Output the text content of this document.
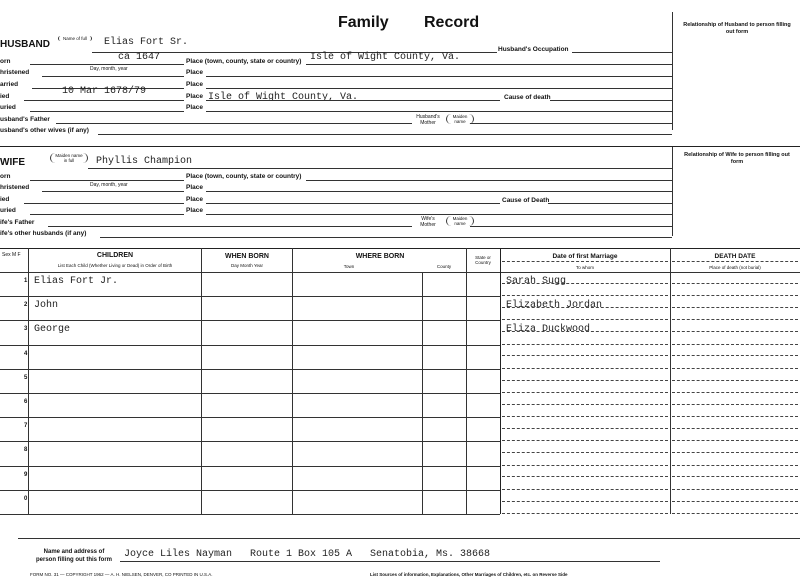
Family Record	Relationship of Husband to person filling out form
Relationship of Wife to person filling out form
HUSBAND
Name of full	Elias Fort Sr.
Husband's Occupation
orn	ca 1647
Day, month, year
Place (town, county, state or country) Isle of Wight County, Va.
hristened	Place
arried	Place
ied	10 Mar 1678/79	Place Isle of Wight County, Va.	Cause of death
uried	Place
usband's Father	Husband's Mother
Maiden name
usband's other wives (if any)
WIFE
Maiden name in full	Phyllis Champion
orn
Day, month, year
Place (town, county, state or country)
hristened	Place
ied	Place	Cause of Death
uried	Place
ife's Father	Wife's Mother
Maiden name
ife's other husbands (if any)
Sex M F	CHILDREN
List Each Child (Whether Living or Dead) in Order of Birth
WHEN BORN
Day Month Year
WHERE BORN
Town	County
State or Country
Date of first Marriage
To whom
DEATH DATE
Place of death (not burial)
1 Elias Fort Jr.	Sarah Sugg
2 John	Elizabeth Jordan
3 George	Eliza Duckwood
4
5
6
7
8
9
0
Name and address of
person filling out this form Joyce Liles Nayman   Route 1 Box 105 A   Senatobia, Ms. 38668
FORM NO. 31 — COPYRIGHT 1962 — A. H. NIELSEN, DENVER, CO PRINTED IN U.S.A.	List Sources of information, Explanations, Other Marriages of Children, etc. on Reverse Side
